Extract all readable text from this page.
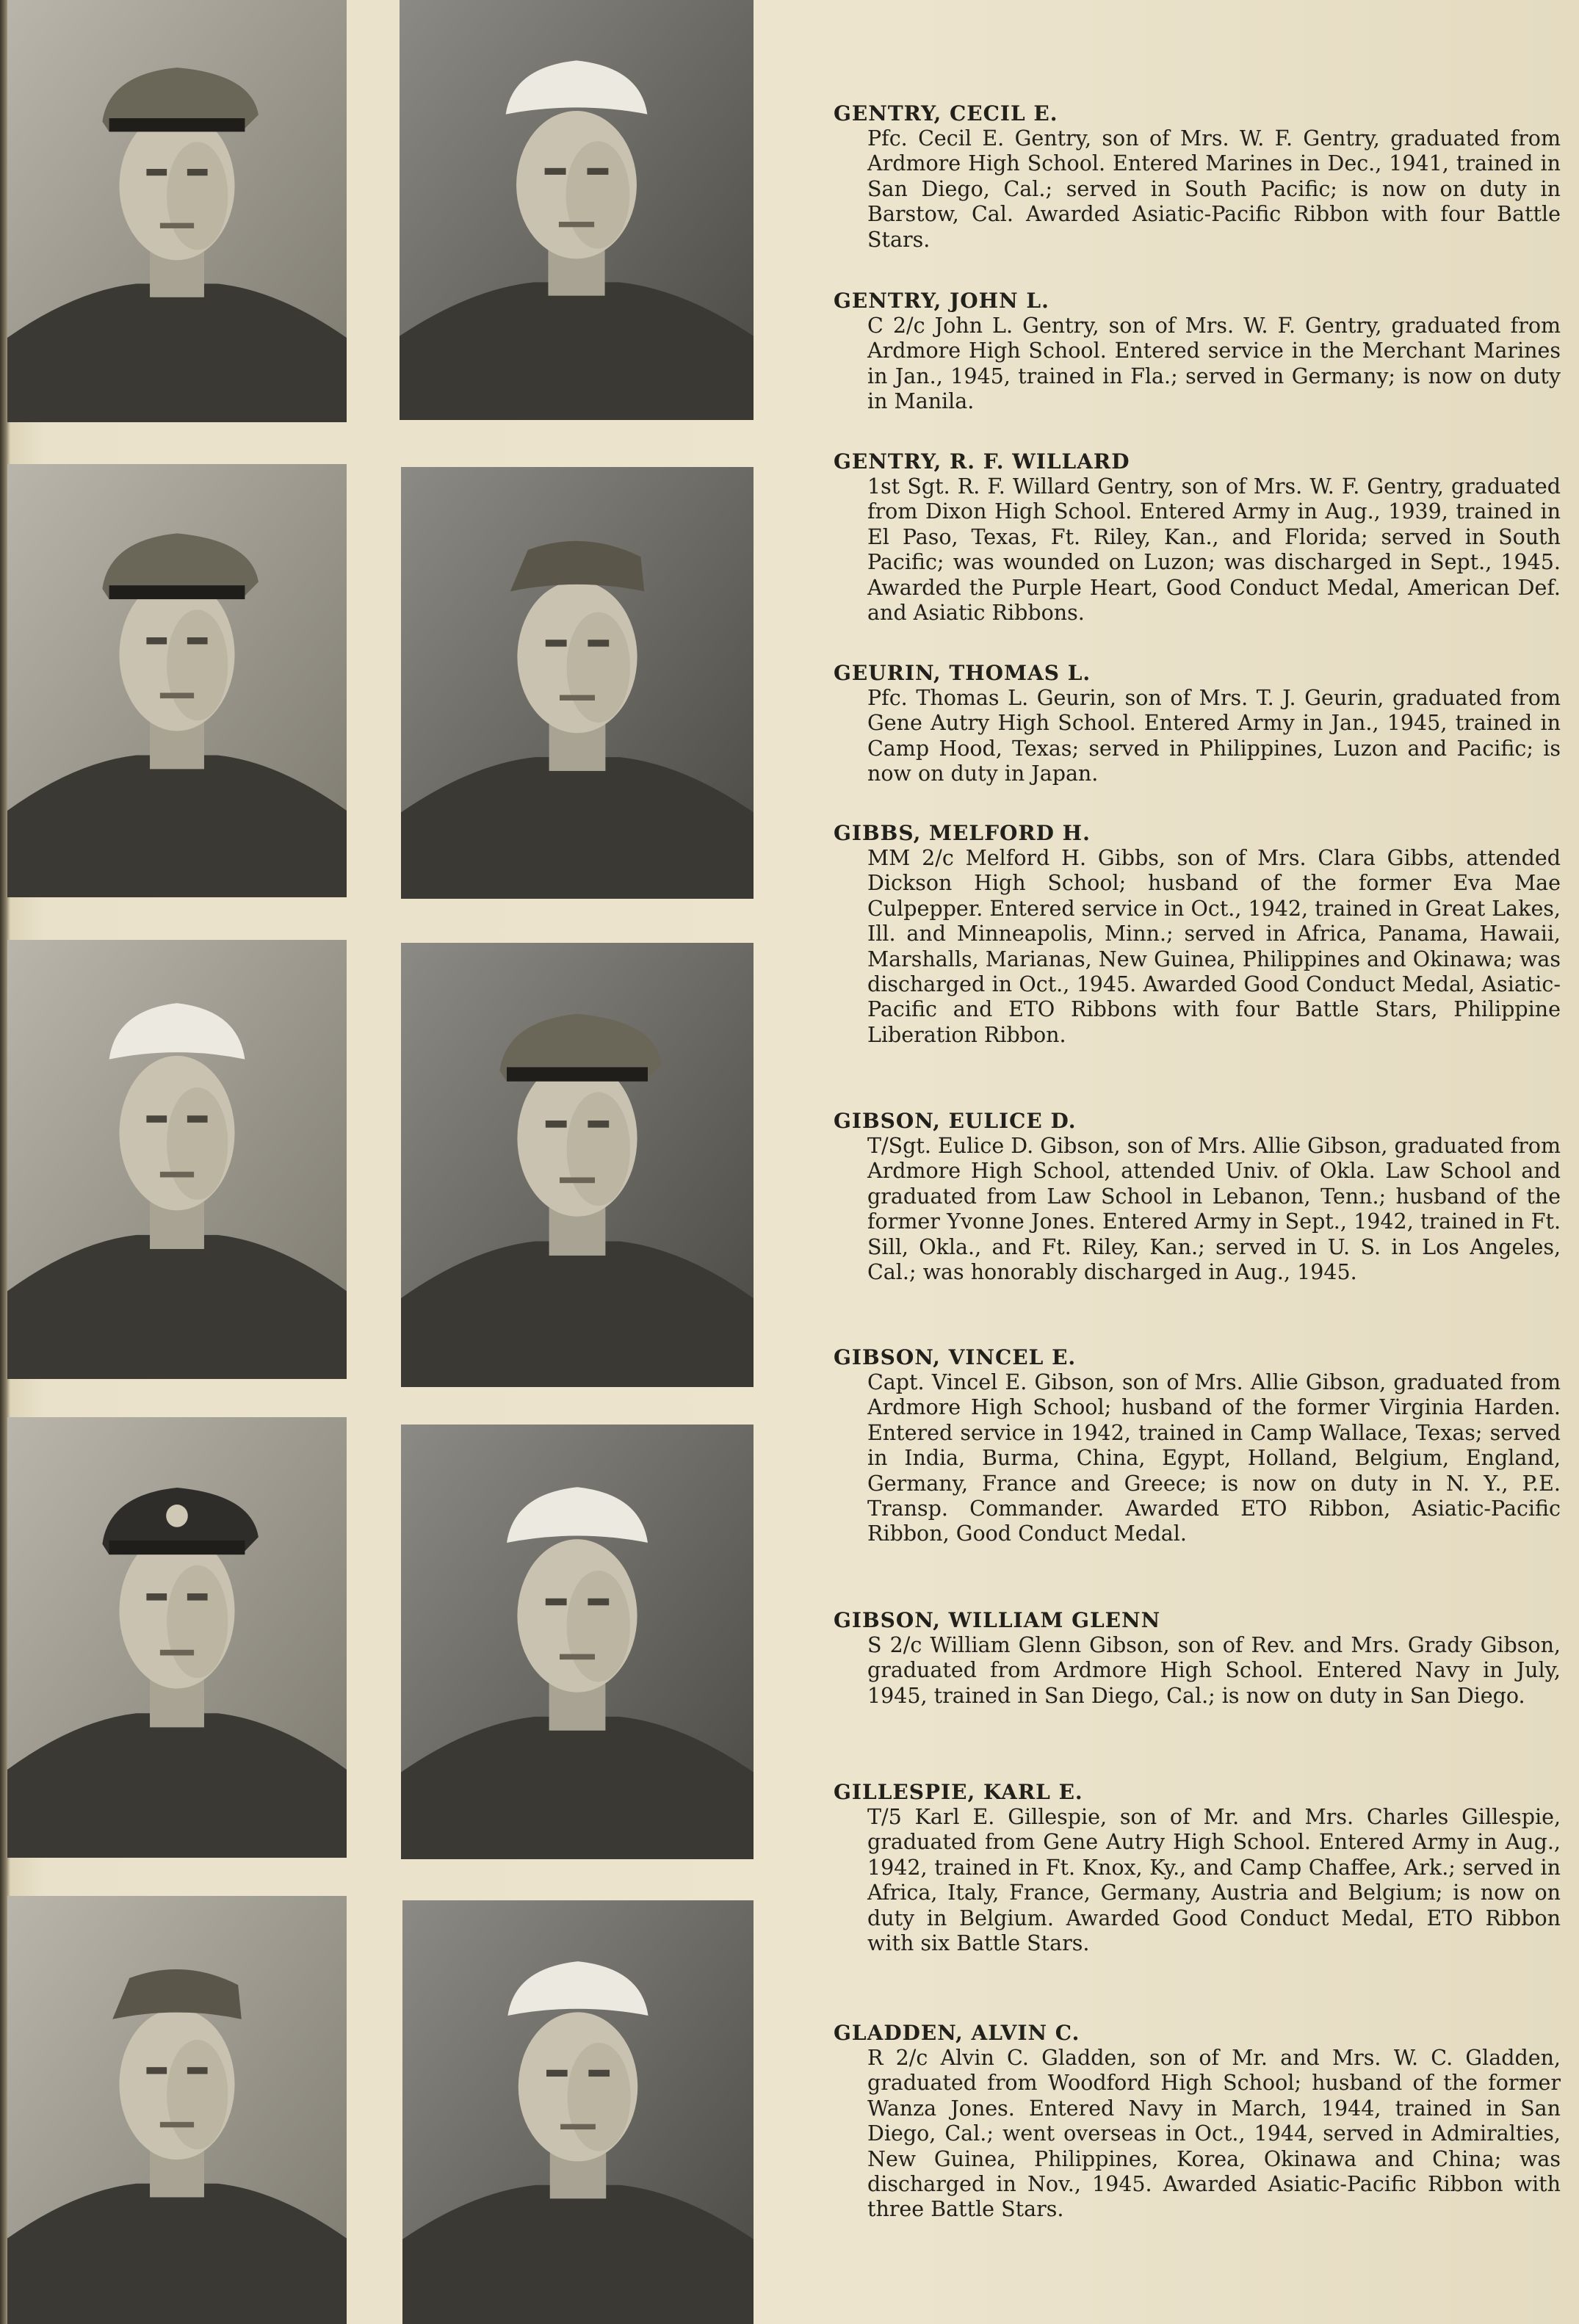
GENTRY, CECIL E.

Pfc. Cecil E. Gentry, son of Mrs. W. F. Gentry, graduated from Ardmore High School. Entered Marines in Dec., 1941, trained in San Diego, Cal.; served in South Pacific; is now on duty in Barstow, Cal. Awarded Asiatic-Pacific Ribbon with four Battle Stars.

GENTRY, JOHN L.

C 2/c John L. Gentry, son of Mrs. W. F. Gentry, graduated from Ardmore High School. Entered service in the Merchant Marines in Jan., 1945, trained in Fla.; served in Germany; is now on duty in Manila.

GENTRY, R. F. WILLARD

1st Sgt. R. F. Willard Gentry, son of Mrs. W. F. Gentry, graduated from Dixon High School. Entered Army in Aug., 1939, trained in El Paso, Texas, Ft. Riley, Kan., and Florida; served in South Pacific; was wounded on Luzon; was discharged in Sept., 1945. Awarded the Purple Heart, Good Conduct Medal, American Def. and Asiatic Ribbons.

GEURIN, THOMAS L.

Pfc. Thomas L. Geurin, son of Mrs. T. J. Geurin, graduated from Gene Autry High School. Entered Army in Jan., 1945, trained in Camp Hood, Texas; served in Philippines, Luzon and Pacific; is now on duty in Japan.

GIBBS, MELFORD H.

MM 2/c Melford H. Gibbs, son of Mrs. Clara Gibbs, attended Dickson High School; husband of the former Eva Mae Culpepper. Entered service in Oct., 1942, trained in Great Lakes, Ill. and Minneapolis, Minn.; served in Africa, Panama, Hawaii, Marshalls, Marianas, New Guinea, Philippines and Okinawa; was discharged in Oct., 1945. Awarded Good Conduct Medal, Asiatic-Pacific and ETO Ribbons with four Battle Stars, Philippine Liberation Ribbon.

GIBSON, EULICE D.

T/Sgt. Eulice D. Gibson, son of Mrs. Allie Gibson, graduated from Ardmore High School, attended Univ. of Okla. Law School and graduated from Law School in Lebanon, Tenn.; husband of the former Yvonne Jones. Entered Army in Sept., 1942, trained in Ft. Sill, Okla., and Ft. Riley, Kan.; served in U. S. in Los Angeles, Cal.; was honorably discharged in Aug., 1945.

GIBSON, VINCEL E.

Capt. Vincel E. Gibson, son of Mrs. Allie Gibson, graduated from Ardmore High School; husband of the former Virginia Harden. Entered service in 1942, trained in Camp Wallace, Texas; served in India, Burma, China, Egypt, Holland, Belgium, England, Germany, France and Greece; is now on duty in N. Y., P.E. Transp. Commander. Awarded ETO Ribbon, Asiatic-Pacific Ribbon, Good Conduct Medal.

GIBSON, WILLIAM GLENN

S 2/c William Glenn Gibson, son of Rev. and Mrs. Grady Gibson, graduated from Ardmore High School. Entered Navy in July, 1945, trained in San Diego, Cal.; is now on duty in San Diego.

GILLESPIE, KARL E.

T/5 Karl E. Gillespie, son of Mr. and Mrs. Charles Gillespie, graduated from Gene Autry High School. Entered Army in Aug., 1942, trained in Ft. Knox, Ky., and Camp Chaffee, Ark.; served in Africa, Italy, France, Germany, Austria and Belgium; is now on duty in Belgium. Awarded Good Conduct Medal, ETO Ribbon with six Battle Stars.

GLADDEN, ALVIN C.

R 2/c Alvin C. Gladden, son of Mr. and Mrs. W. C. Gladden, graduated from Woodford High School; husband of the former Wanza Jones. Entered Navy in March, 1944, trained in San Diego, Cal.; went overseas in Oct., 1944, served in Admiralties, New Guinea, Philippines, Korea, Okinawa and China; was discharged in Nov., 1945. Awarded Asiatic-Pacific Ribbon with three Battle Stars.
